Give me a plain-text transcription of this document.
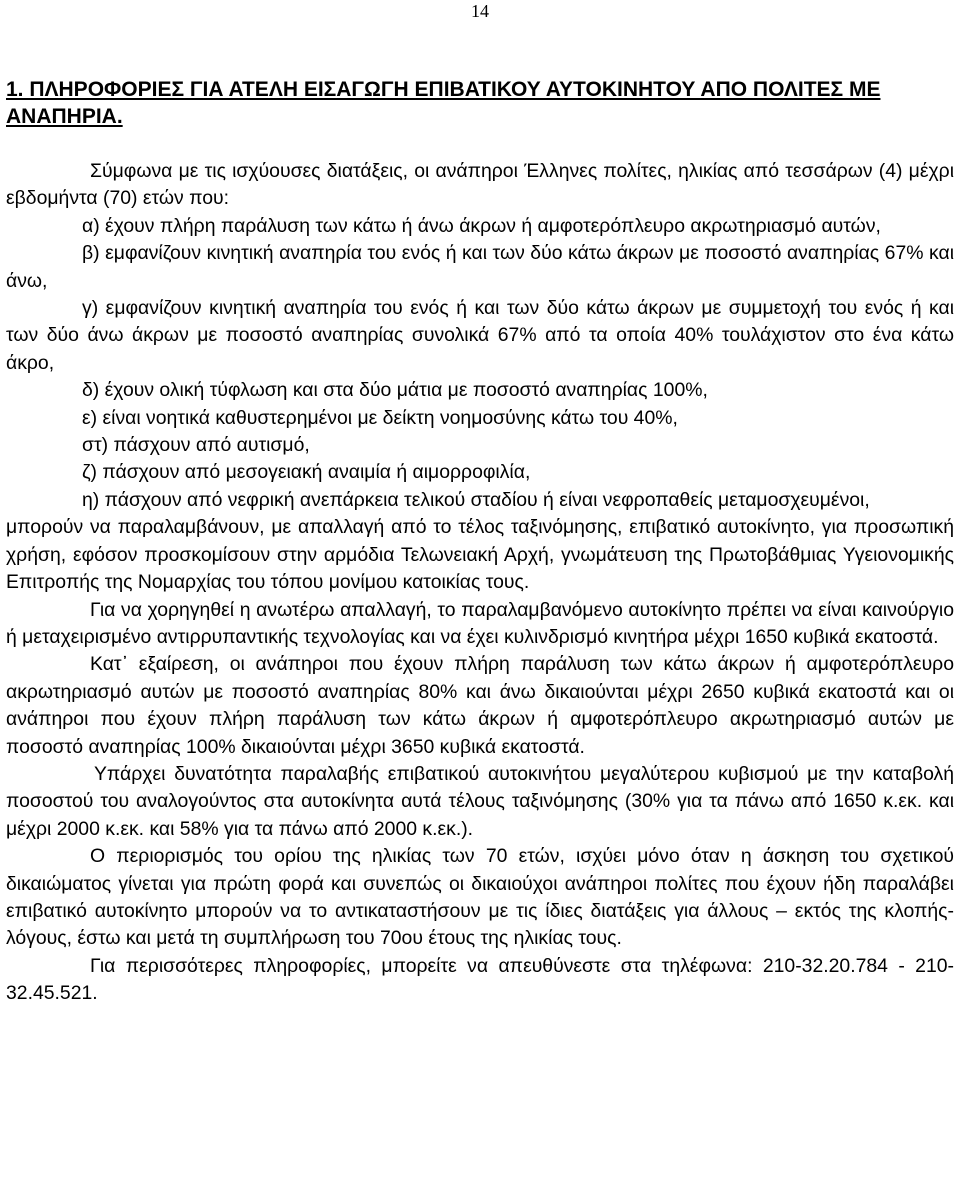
14
1. ΠΛΗΡΟΦΟΡΙΕΣ ΓΙΑ ΑΤΕΛΗ ΕΙΣΑΓΩΓΗ ΕΠΙΒΑΤΙΚΟΥ ΑΥΤΟΚΙΝΗΤΟΥ ΑΠΟ ΠΟΛΙΤΕΣ ΜΕ ΑΝΑΠΗΡΙΑ.

Σύμφωνα με τις ισχύουσες διατάξεις, οι ανάπηροι Έλληνες πολίτες, ηλικίας από τεσσάρων (4) μέχρι εβδομήντα (70) ετών που:

α) έχουν πλήρη παράλυση των κάτω ή άνω άκρων ή αμφοτερόπλευρο ακρωτηριασμό αυτών,

β) εμφανίζουν κινητική αναπηρία του ενός ή και των δύο κάτω άκρων με ποσοστό αναπηρίας 67% και άνω,

γ) εμφανίζουν κινητική αναπηρία του ενός ή και των δύο κάτω άκρων με συμμετοχή του ενός ή και των δύο άνω άκρων με ποσοστό αναπηρίας συνολικά 67% από τα οποία 40% τουλάχιστον στο ένα κάτω άκρο,

δ) έχουν ολική τύφλωση και στα δύο μάτια με ποσοστό αναπηρίας 100%,

ε) είναι νοητικά καθυστερημένοι με δείκτη νοημοσύνης κάτω του 40%,

στ) πάσχουν από αυτισμό,

ζ) πάσχουν από μεσογειακή αναιμία ή αιμορροφιλία,

η) πάσχουν από νεφρική ανεπάρκεια τελικού σταδίου ή είναι νεφροπαθείς μεταμοσχευμένοι,

μπορούν να παραλαμβάνουν, με απαλλαγή από το τέλος ταξινόμησης, επιβατικό αυτοκίνητο, για προσωπική χρήση, εφόσον προσκομίσουν στην αρμόδια Τελωνειακή Αρχή, γνωμάτευση της Πρωτοβάθμιας Υγειονομικής Επιτροπής της Νομαρχίας του τόπου μονίμου κατοικίας τους.

Για να χορηγηθεί η ανωτέρω απαλλαγή, το παραλαμβανόμενο αυτοκίνητο πρέπει να είναι καινούργιο ή μεταχειρισμένο αντιρρυπαντικής τεχνολογίας και να έχει κυλινδρισμό κινητήρα μέχρι 1650 κυβικά εκατοστά.

Κατ᾽ εξαίρεση, οι ανάπηροι που έχουν πλήρη παράλυση των κάτω άκρων ή αμφοτερόπλευρο ακρωτηριασμό αυτών με ποσοστό αναπηρίας 80% και άνω δικαιούνται μέχρι 2650 κυβικά εκατοστά και οι ανάπηροι που έχουν πλήρη παράλυση των κάτω άκρων ή αμφοτερόπλευρο ακρωτηριασμό αυτών με ποσοστό αναπηρίας 100% δικαιούνται μέχρι 3650 κυβικά εκατοστά.

Υπάρχει δυνατότητα παραλαβής επιβατικού αυτοκινήτου μεγαλύτερου κυβισμού με την καταβολή ποσοστού του αναλογούντος στα αυτοκίνητα αυτά τέλους ταξινόμησης (30% για τα πάνω από 1650 κ.εκ. και μέχρι 2000 κ.εκ. και 58% για τα πάνω από 2000 κ.εκ.).

Ο περιορισμός του ορίου της ηλικίας των 70 ετών, ισχύει μόνο όταν η άσκηση του σχετικού δικαιώματος γίνεται για πρώτη φορά και συνεπώς οι δικαιούχοι ανάπηροι πολίτες που έχουν ήδη παραλάβει επιβατικό αυτοκίνητο μπορούν να το αντικαταστήσουν με τις ίδιες διατάξεις για άλλους – εκτός της κλοπής- λόγους, έστω και μετά τη συμπλήρωση του 70ου έτους της ηλικίας τους.

Για περισσότερες πληροφορίες, μπορείτε να απευθύνεστε στα τηλέφωνα: 210-32.20.784 - 210-32.45.521.
